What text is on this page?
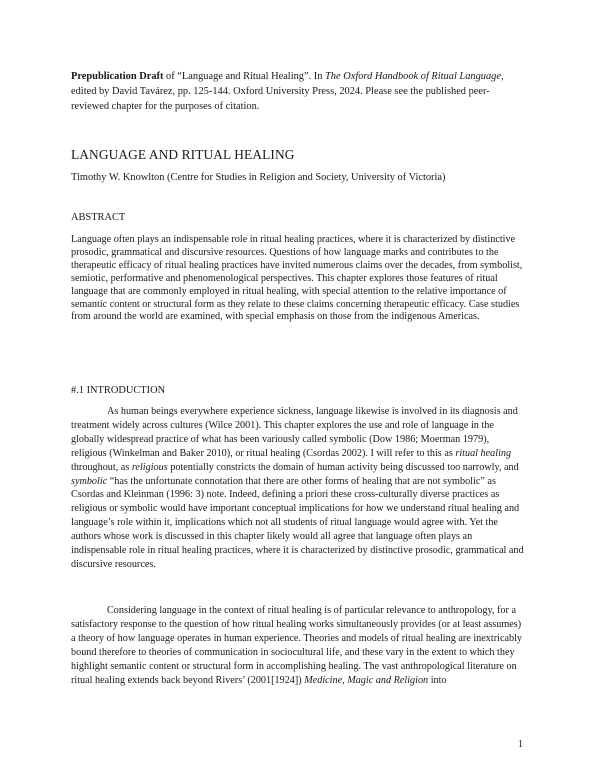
Prepublication Draft of “Language and Ritual Healing”. In The Oxford Handbook of Ritual Language, edited by David Tavárez, pp. 125-144. Oxford University Press, 2024. Please see the published peer-reviewed chapter for the purposes of citation.

LANGUAGE AND RITUAL HEALING
Timothy W. Knowlton (Centre for Studies in Religion and Society, University of Victoria)
ABSTRACT

Language often plays an indispensable role in ritual healing practices, where it is characterized by distinctive prosodic, grammatical and discursive resources. Questions of how language marks and contributes to the therapeutic efficacy of ritual healing practices have invited numerous claims over the decades, from symbolist, semiotic, performative and phenomenological perspectives. This chapter explores those features of ritual language that are commonly employed in ritual healing, with special attention to the relative importance of semantic content or structural form as they relate to these claims concerning therapeutic efficacy. Case studies from around the world are examined, with special emphasis on those from the indigenous Americas.

#.1 INTRODUCTION

As human beings everywhere experience sickness, language likewise is involved in its diagnosis and treatment widely across cultures (Wilce 2001). This chapter explores the use and role of language in the globally widespread practice of what has been variously called symbolic (Dow 1986; Moerman 1979), religious (Winkelman and Baker 2010), or ritual healing (Csordas 2002). I will refer to this as ritual healing throughout, as religious potentially constricts the domain of human activity being discussed too narrowly, and symbolic “has the unfortunate connotation that there are other forms of healing that are not symbolic” as Csordas and Kleinman (1996: 3) note. Indeed, defining a priori these cross-culturally diverse practices as religious or symbolic would have important conceptual implications for how we understand ritual healing and language’s role within it, implications which not all students of ritual language would agree with. Yet the authors whose work is discussed in this chapter likely would all agree that language often plays an indispensable role in ritual healing practices, where it is characterized by distinctive prosodic, grammatical and discursive resources.

Considering language in the context of ritual healing is of particular relevance to anthropology, for a satisfactory response to the question of how ritual healing works simultaneously provides (or at least assumes) a theory of how language operates in human experience. Theories and models of ritual healing are inextricably bound therefore to theories of communication in sociocultural life, and these vary in the extent to which they highlight semantic content or structural form in accomplishing healing. The vast anthropological literature on ritual healing extends back beyond Rivers’ (2001[1924]) Medicine, Magic and Religion into

1
